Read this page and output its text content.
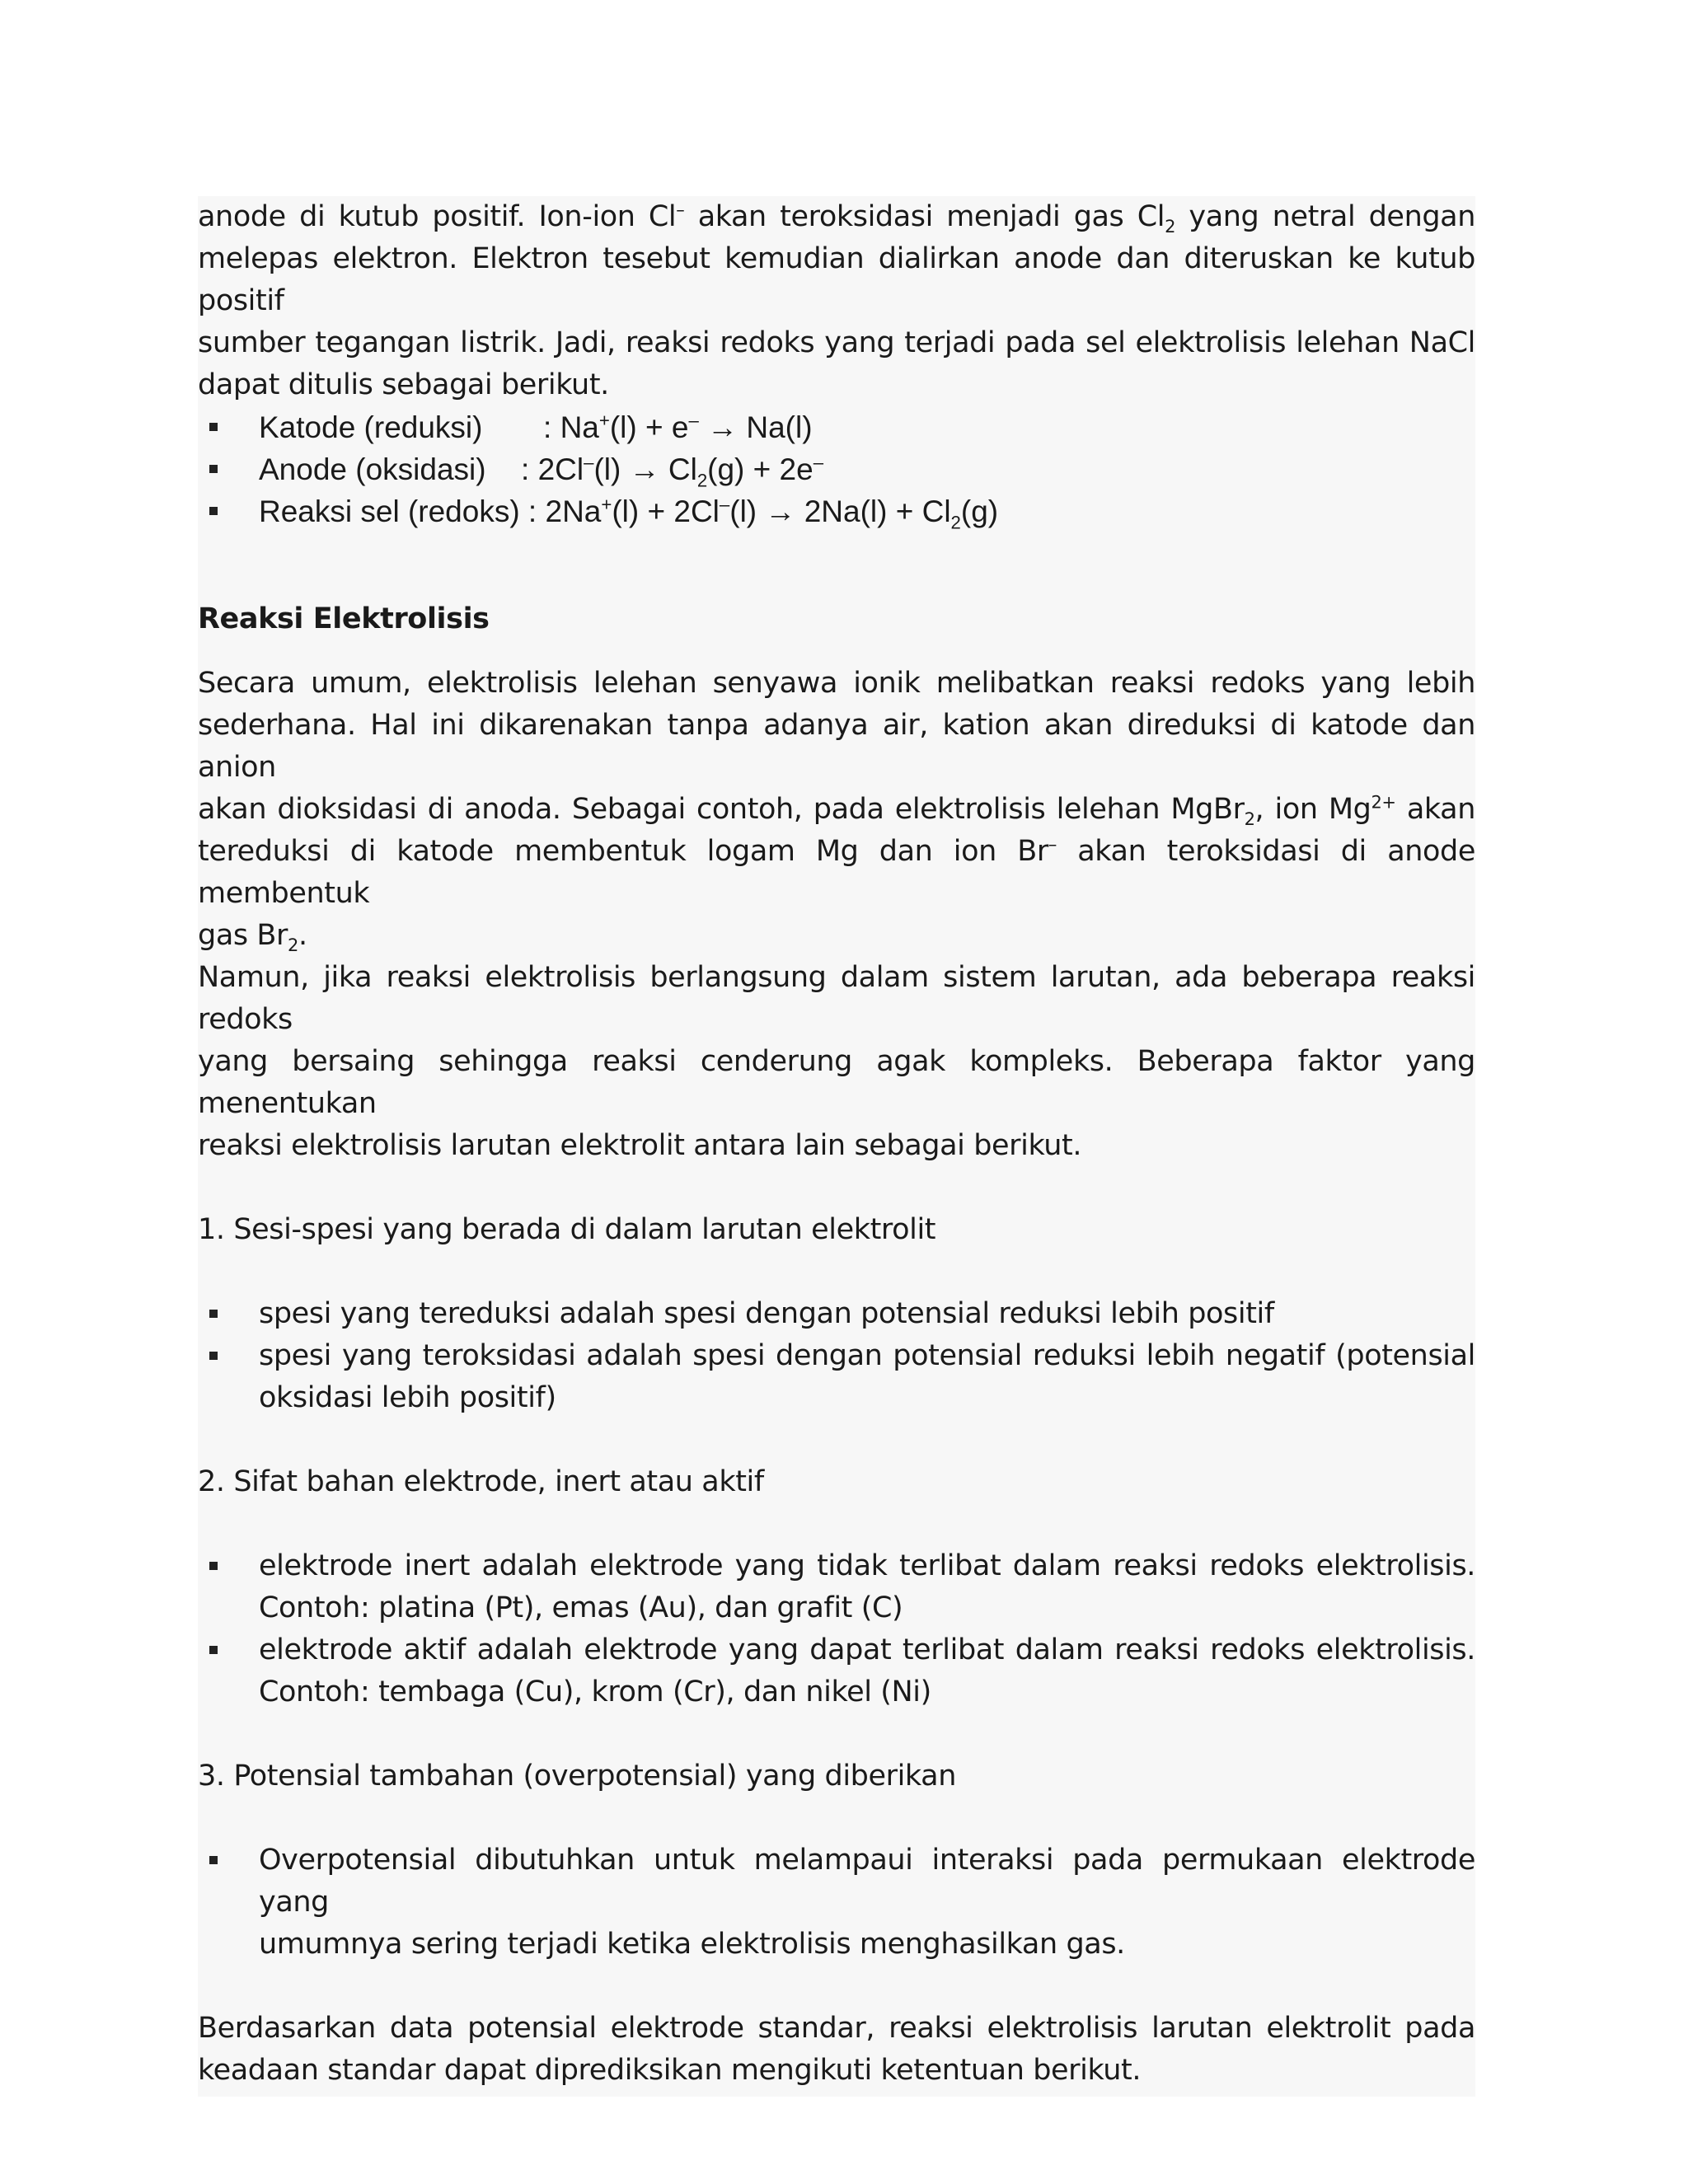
anode di kutub positif. Ion-ion Cl– akan teroksidasi menjadi gas $Cl_2$ yang netral dengan
melepas elektron. Elektron tesebut kemudian dialirkan anode dan diteruskan ke kutub positif
sumber tegangan listrik. Jadi, reaksi redoks yang terjadi pada sel elektrolisis lelehan NaCl
dapat ditulis sebagai berikut.
Katode (reduksi) : Na+(l) + e– → Na(l)
Anode (oksidasi) : $2Cl^-(l) \to Cl_2(g) + 2e^-$
Reaksi sel (redoks) : $2Na^+(l) + 2Cl^-(l) \to 2Na(l) + Cl_2(g)$
Reaksi Elektrolisis
Secara umum, elektrolisis lelehan senyawa ionik melibatkan reaksi redoks yang lebih
sederhana. Hal ini dikarenakan tanpa adanya air, kation akan direduksi di katode dan anion
akan dioksidasi di anoda. Sebagai contoh, pada elektrolisis lelehan MgBr$_2$, ion $Mg^{2+}$ akan
tereduksi di katode membentuk logam Mg dan ion Br– akan teroksidasi di anode membentuk
gas $Br_2$.
Namun, jika reaksi elektrolisis berlangsung dalam sistem larutan, ada beberapa reaksi redoks
yang bersaing sehingga reaksi cenderung agak kompleks. Beberapa faktor yang menentukan
reaksi elektrolisis larutan elektrolit antara lain sebagai berikut.
1. Sesi-spesi yang berada di dalam larutan elektrolit
spesi yang tereduksi adalah spesi dengan potensial reduksi lebih positif
spesi yang teroksidasi adalah spesi dengan potensial reduksi lebih negatif (potensial
oksidasi lebih positif)
2. Sifat bahan elektrode, inert atau aktif
elektrode inert adalah elektrode yang tidak terlibat dalam reaksi redoks elektrolisis.
Contoh: platina (Pt), emas (Au), dan grafit (C)
elektrode aktif adalah elektrode yang dapat terlibat dalam reaksi redoks elektrolisis.
Contoh: tembaga (Cu), krom (Cr), dan nikel (Ni)
3. Potensial tambahan (overpotensial) yang diberikan
Overpotensial dibutuhkan untuk melampaui interaksi pada permukaan elektrode yang
umumnya sering terjadi ketika elektrolisis menghasilkan gas.
Berdasarkan data potensial elektrode standar, reaksi elektrolisis larutan elektrolit pada
keadaan standar dapat diprediksikan mengikuti ketentuan berikut.
